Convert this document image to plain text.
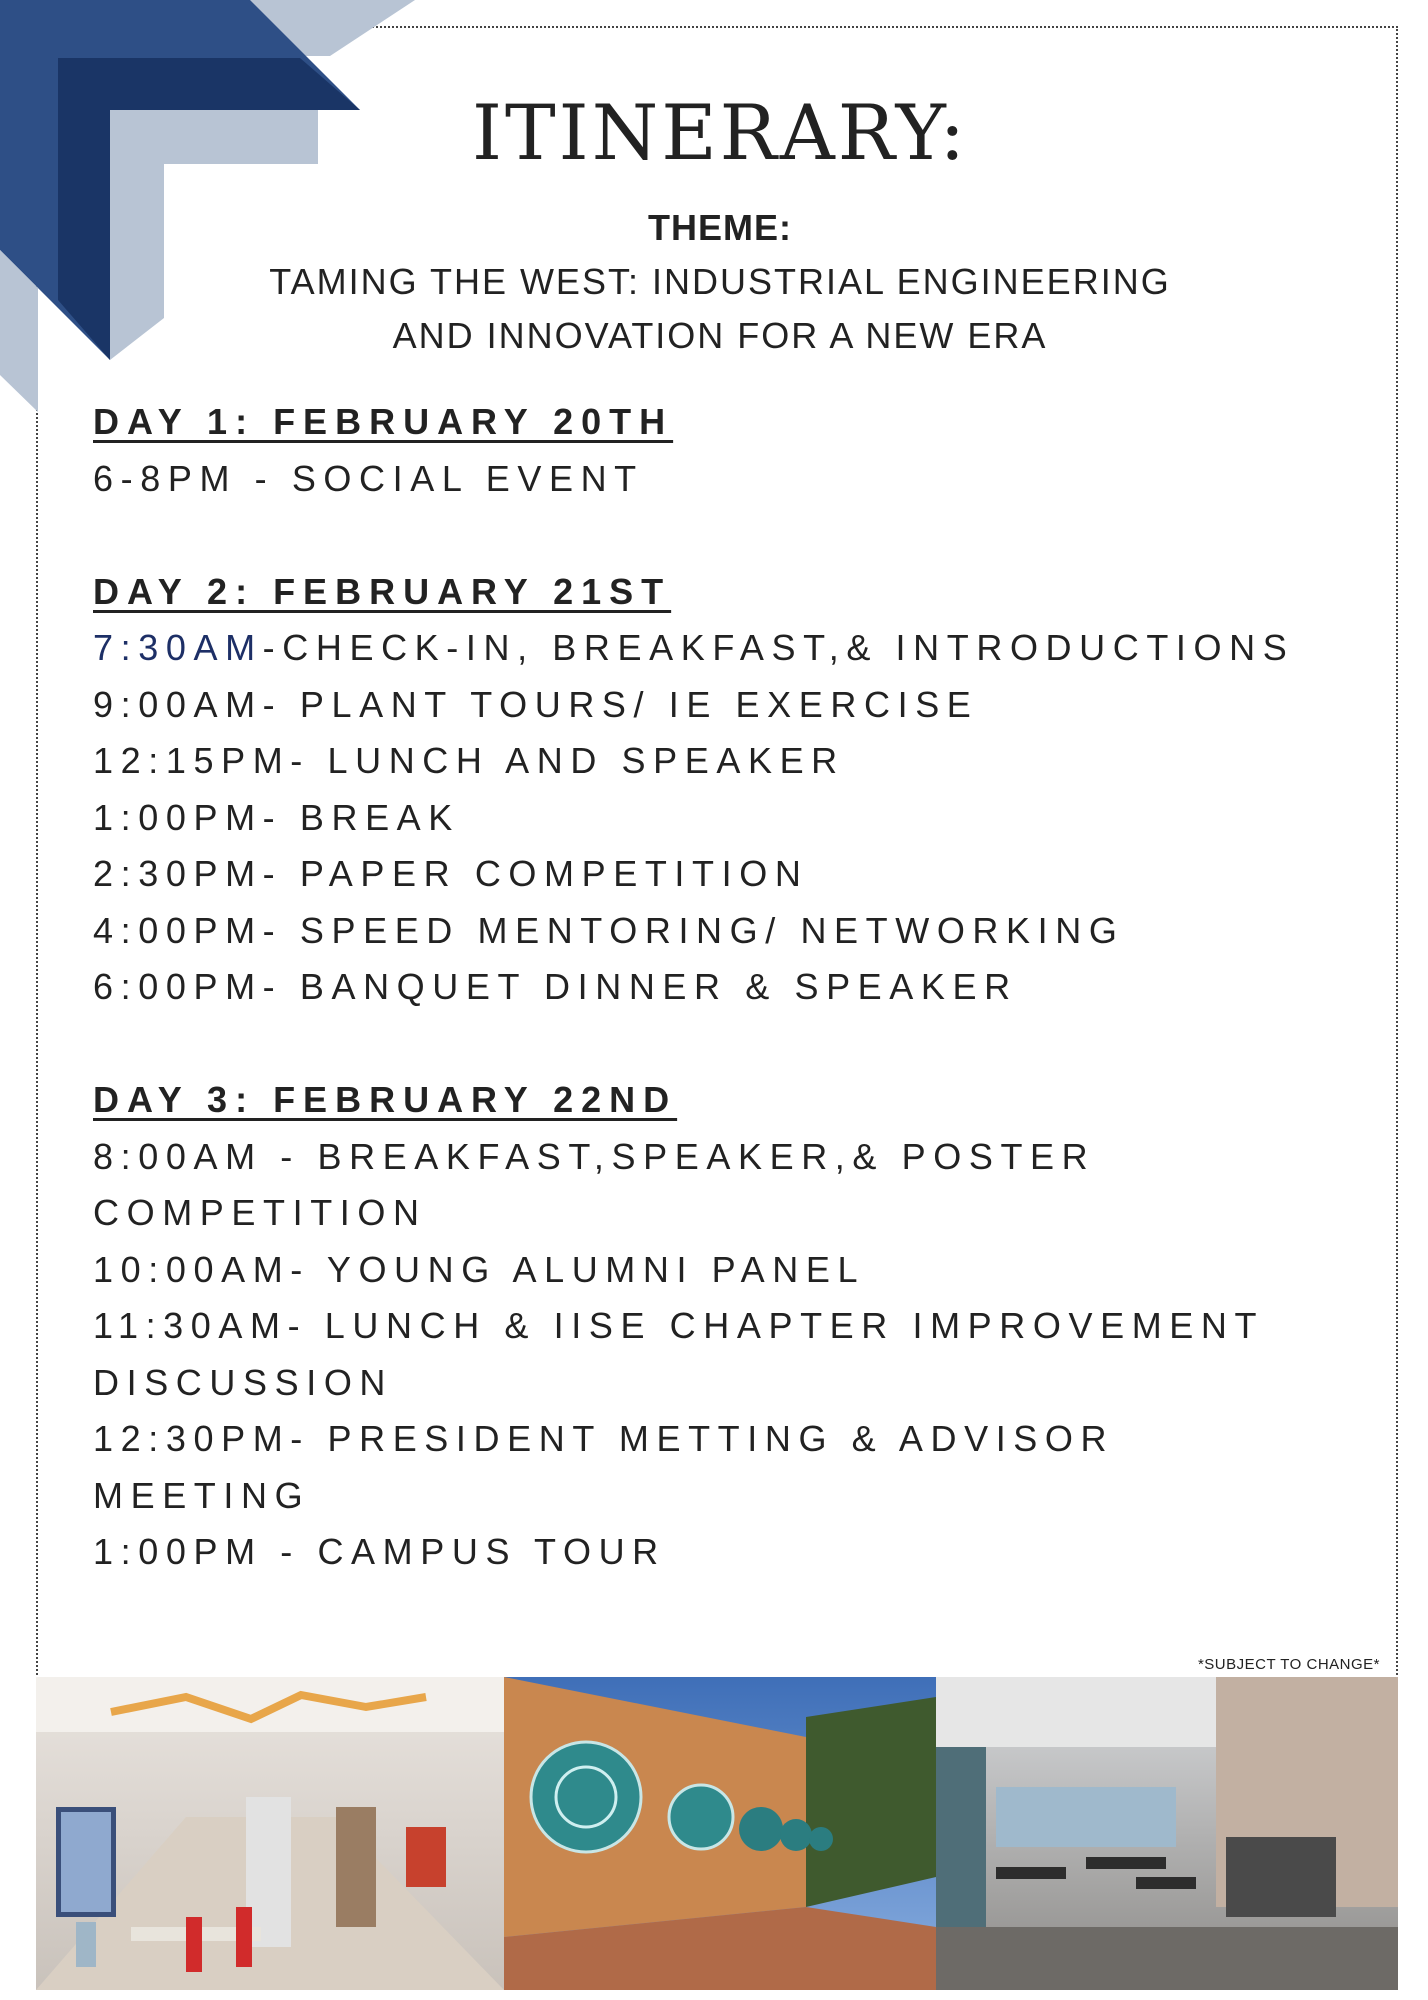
ITINERARY:
THEME:
TAMING THE WEST: INDUSTRIAL ENGINEERING
AND INNOVATION FOR A NEW ERA
DAY 1: FEBRUARY 20TH
6-8PM - SOCIAL EVENT
DAY 2: FEBRUARY 21ST
7:30AM-CHECK-IN, BREAKFAST,& INTRODUCTIONS
9:00AM- PLANT TOURS/ IE EXERCISE
12:15PM- LUNCH AND SPEAKER
1:00PM- BREAK
2:30PM- PAPER COMPETITION
4:00PM- SPEED MENTORING/ NETWORKING
6:00PM- BANQUET DINNER & SPEAKER
DAY 3: FEBRUARY 22ND
8:00AM - BREAKFAST,SPEAKER,& POSTER
COMPETITION
10:00AM- YOUNG ALUMNI PANEL
11:30AM- LUNCH & IISE CHAPTER IMPROVEMENT
DISCUSSION
12:30PM- PRESIDENT METTING & ADVISOR
MEETING
1:00PM - CAMPUS TOUR
*SUBJECT TO CHANGE*
